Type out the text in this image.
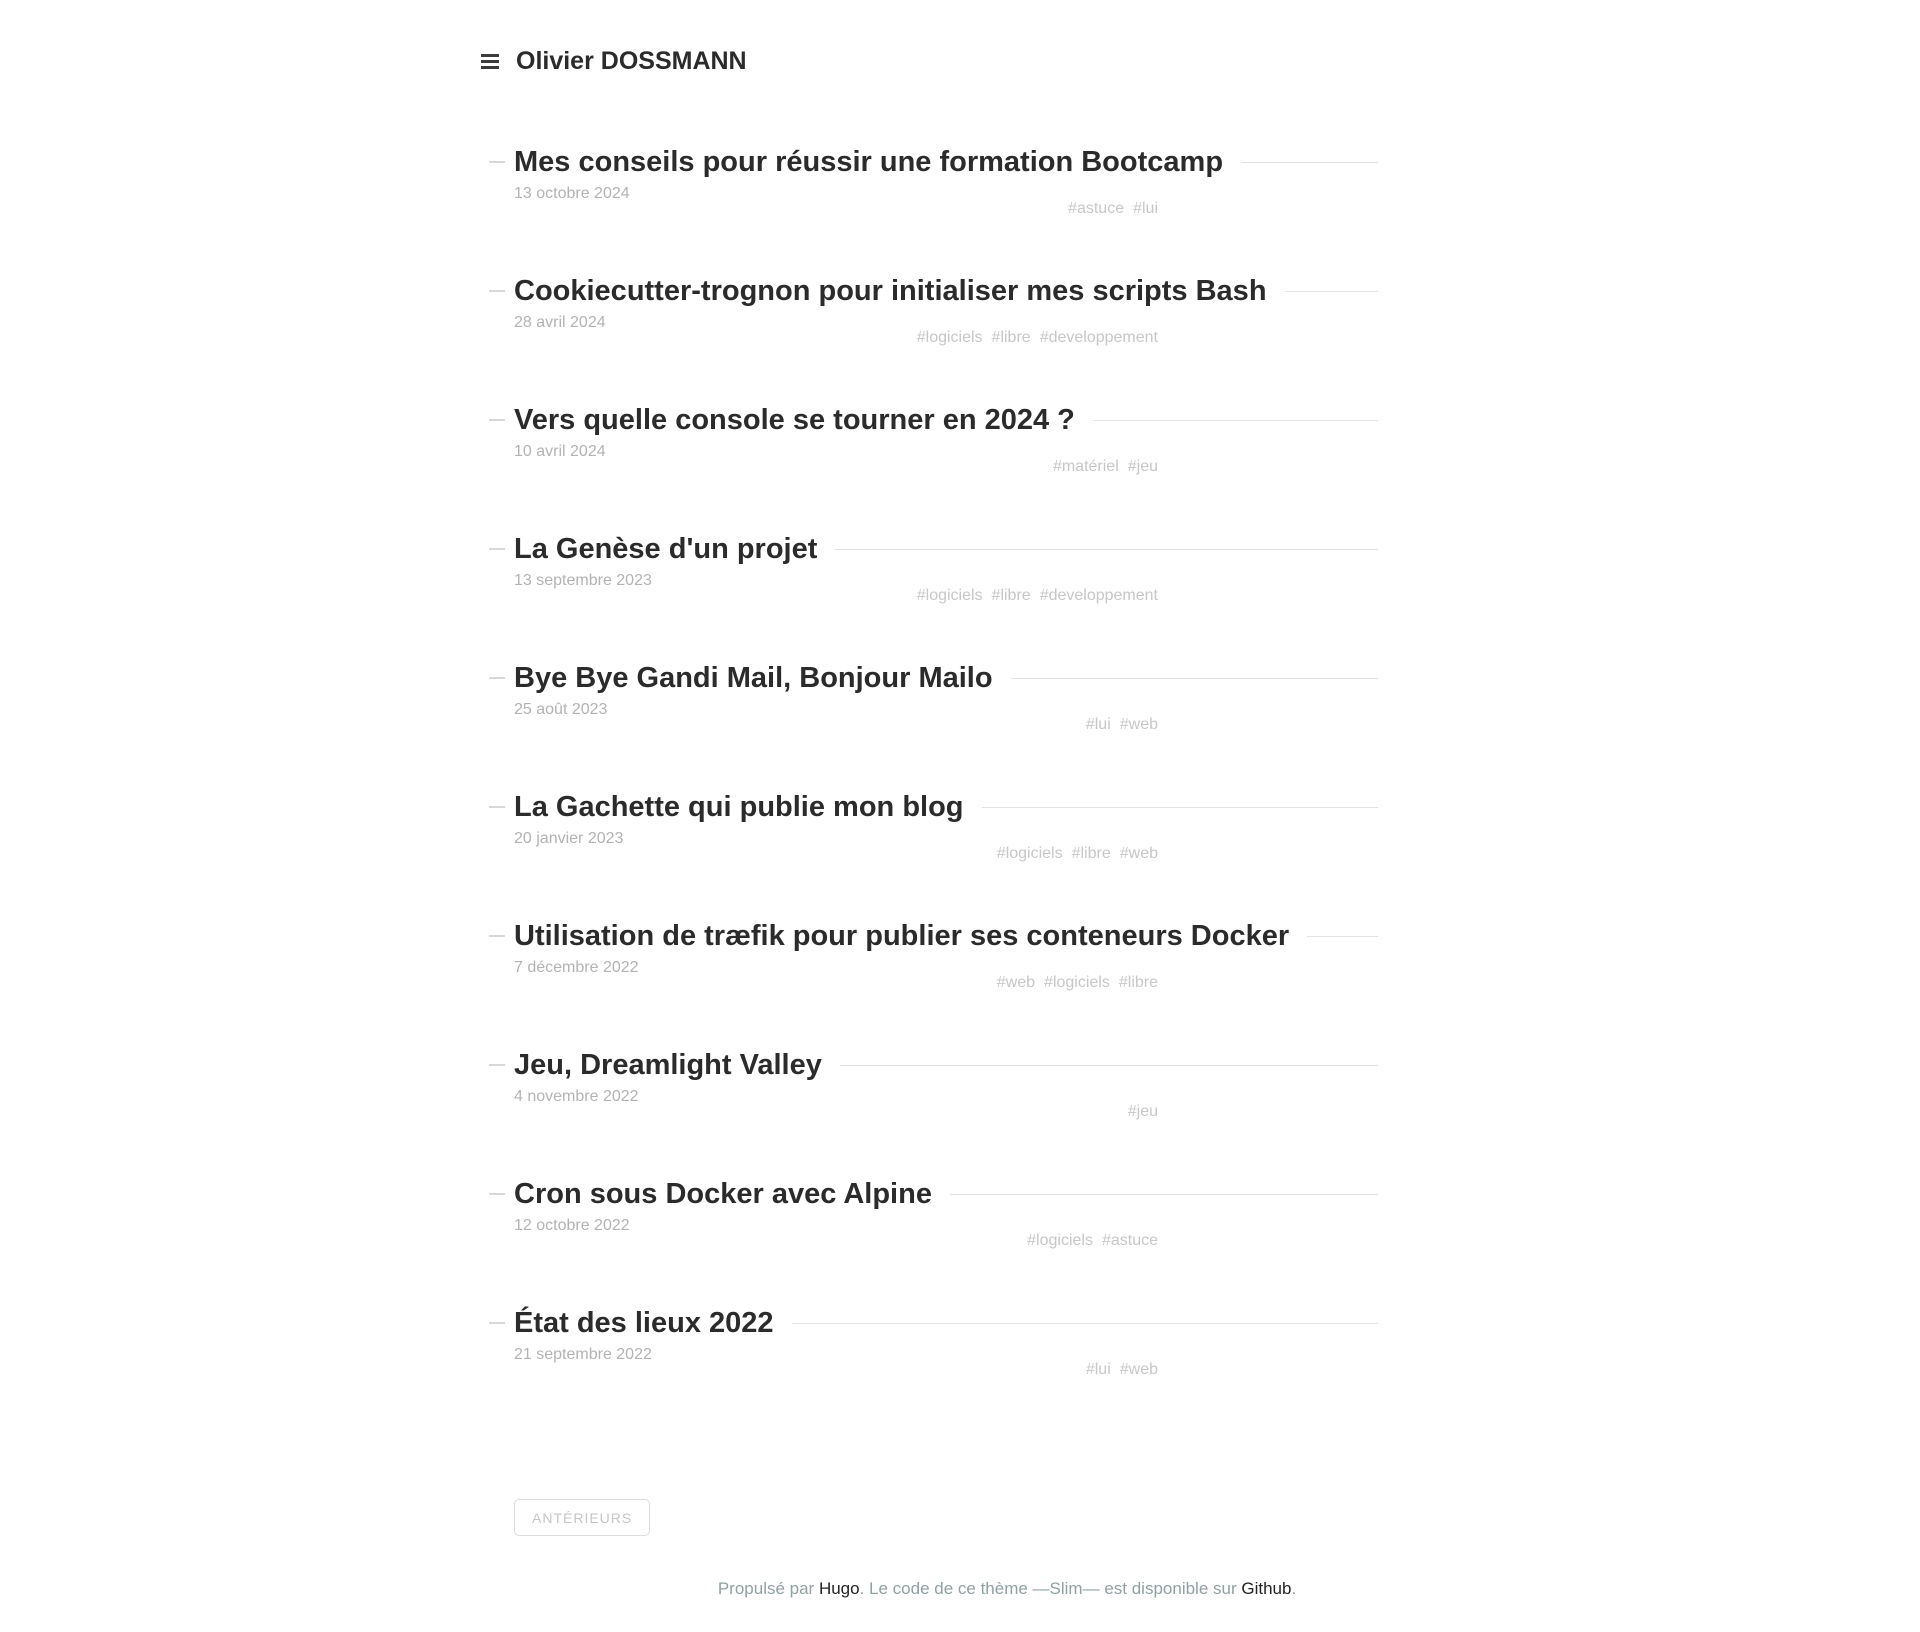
Olivier DOSSMANN
Mes conseils pour réussir une formation Bootcamp
13 octobre 2024
#astuce #lui
Cookiecutter-trognon pour initialiser mes scripts Bash
28 avril 2024
#logiciels #libre #developpement
Vers quelle console se tourner en 2024 ?
10 avril 2024
#matériel #jeu
La Genèse d'un projet
13 septembre 2023
#logiciels #libre #developpement
Bye Bye Gandi Mail, Bonjour Mailo
25 août 2023
#lui #web
La Gachette qui publie mon blog
20 janvier 2023
#logiciels #libre #web
Utilisation de træfik pour publier ses conteneurs Docker
7 décembre 2022
#web #logiciels #libre
Jeu, Dreamlight Valley
4 novembre 2022
#jeu
Cron sous Docker avec Alpine
12 octobre 2022
#logiciels #astuce
État des lieux 2022
21 septembre 2022
#lui #web
ANTÉRIEURS
Propulsé par Hugo. Le code de ce thème —Slim— est disponible sur Github.
